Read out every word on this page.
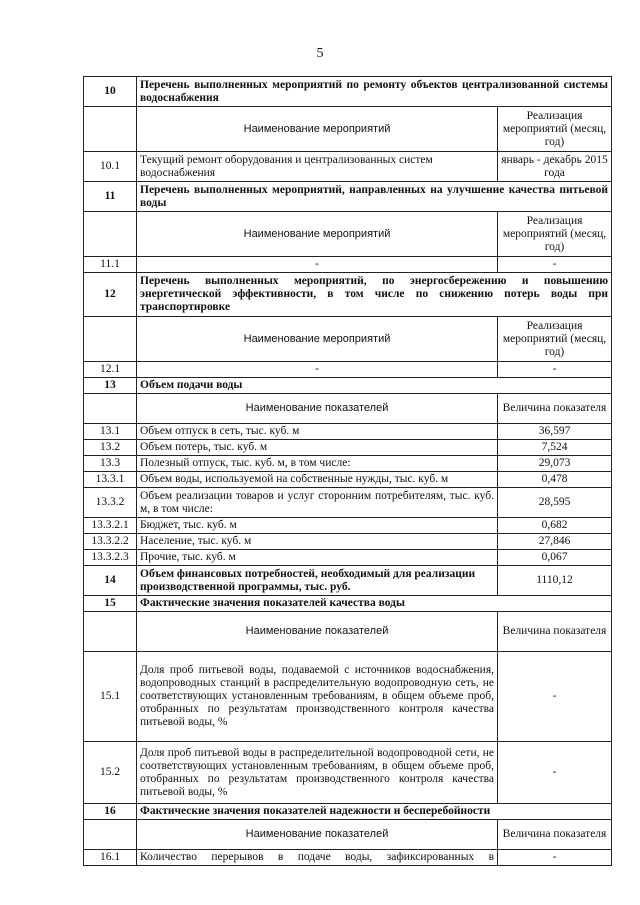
5
10	Перечень выполненных мероприятий по ремонту объектов централизованной системы водоснабжения	
	Наименование мероприятий	Реализация мероприятий (месяц, год)
10.1	Текущий ремонт оборудования и централизованных систем водоснабжения	январь - декабрь 2015 года
11	Перечень выполненных мероприятий, направленных на улучшение качества питьевой воды	
	Наименование мероприятий	Реализация мероприятий (месяц, год)
11.1	-	-
12	Перечень выполненных мероприятий, по энергосбережению и повышению энергетической эффективности, в том числе по снижению потерь воды при транспортировке	
	Наименование мероприятий	Реализация мероприятий (месяц, год)
12.1	-	-
13	Объем подачи воды	
	Наименование показателей	Величина показателя
13.1	Объем отпуск в сеть, тыс. куб. м	36,597
13.2	Объем потерь, тыс. куб. м	7,524
13.3	Полезный отпуск, тыс. куб. м, в том числе:	29,073
13.3.1	Объем воды, используемой на собственные нужды, тыс. куб. м	0,478
13.3.2	Объем реализации товаров и услуг сторонним потребителям, тыс. куб. м, в том числе:	28,595
13.3.2.1	Бюджет, тыс. куб. м	0,682
13.3.2.2	Население, тыс. куб. м	27,846
13.3.2.3	Прочие, тыс. куб. м	0,067
14	Объем финансовых потребностей, необходимый для реализации производственной программы, тыс. руб.	1110,12
15	Фактические значения показателей качества воды	
	Наименование показателей	Величина показателя
15.1	Доля проб питьевой воды, подаваемой с источников водоснабжения, водопроводных станций в распределительную водопроводную сеть, не соответствующих установленным требованиям, в общем объеме проб, отобранных по результатам производственного контроля качества питьевой воды, %	-
15.2	Доля проб питьевой воды в распределительной водопроводной сети, не соответствующих установленным требованиям, в общем объеме проб, отобранных по результатам производственного контроля качества питьевой воды, %	-
16	Фактические значения показателей надежности и бесперебойности	
	Наименование показателей	Величина показателя
16.1	Количество перерывов в подаче воды, зафиксированных в	-
